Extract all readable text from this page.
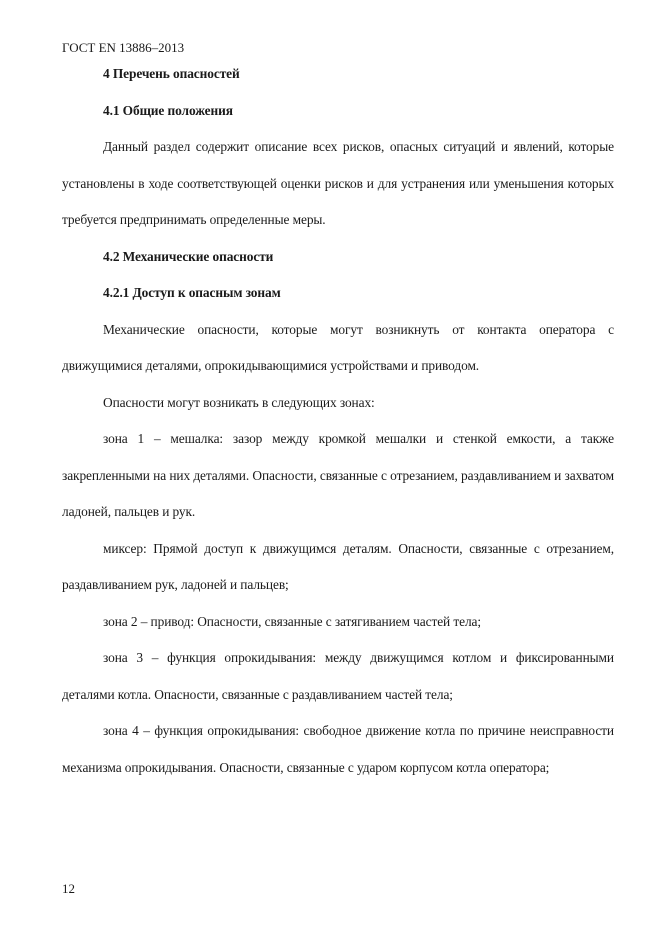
ГОСТ EN 13886–2013

4 Перечень опасностей

4.1 Общие положения

Данный раздел содержит описание всех рисков, опасных ситуаций и явлений, которые установлены в ходе соответствующей оценки рисков и для устранения или уменьшения которых требуется предпринимать определенные меры.

4.2 Механические опасности

4.2.1 Доступ к опасным зонам

Механические опасности, которые могут возникнуть от контакта оператора с движущимися деталями, опрокидывающимися устройствами и приводом.

Опасности могут возникать в следующих зонах:

зона 1 – мешалка: зазор между кромкой мешалки и стенкой емкости, а также закрепленными на них деталями. Опасности, связанные с отрезанием, раздавливанием и захватом ладоней, пальцев и рук.

миксер: Прямой доступ к движущимся деталям. Опасности, связанные с отрезанием, раздавливанием рук, ладоней и пальцев;

зона 2 – привод: Опасности, связанные с затягиванием частей тела;

зона 3 – функция опрокидывания: между движущимся котлом и фиксированными деталями котла. Опасности, связанные с раздавливанием частей тела;

зона 4 – функция опрокидывания: свободное движение котла по причине неисправности механизма опрокидывания. Опасности, связанные с ударом корпусом котла оператора;

12
